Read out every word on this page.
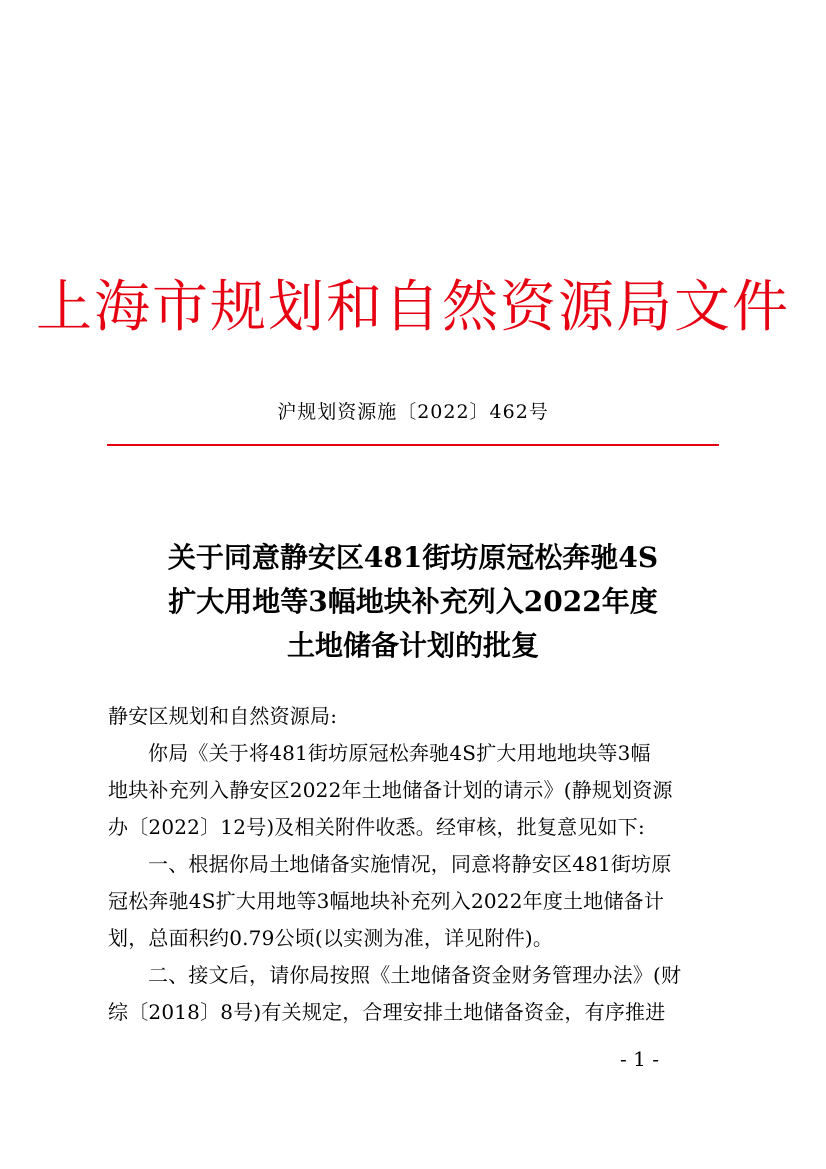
上海市规划和自然资源局文件
沪规划资源施〔2022〕462号
关于同意静安区481街坊原冠松奔驰4S
扩大用地等3幅地块补充列入2022年度
土地储备计划的批复

静安区规划和自然资源局:

你局《关于将481街坊原冠松奔驰4S扩大用地地块等3幅

地块补充列入静安区2022年土地储备计划的请示》(静规划资源

办〔2022〕12号)及相关附件收悉。经审核，批复意见如下:

一、根据你局土地储备实施情况，同意将静安区481街坊原

冠松奔驰4S扩大用地等3幅地块补充列入2022年度土地储备计

划，总面积约0.79公顷(以实测为准，详见附件)。

二、接文后，请你局按照《土地储备资金财务管理办法》(财

综〔2018〕8号)有关规定，合理安排土地储备资金，有序推进

- 1 -
